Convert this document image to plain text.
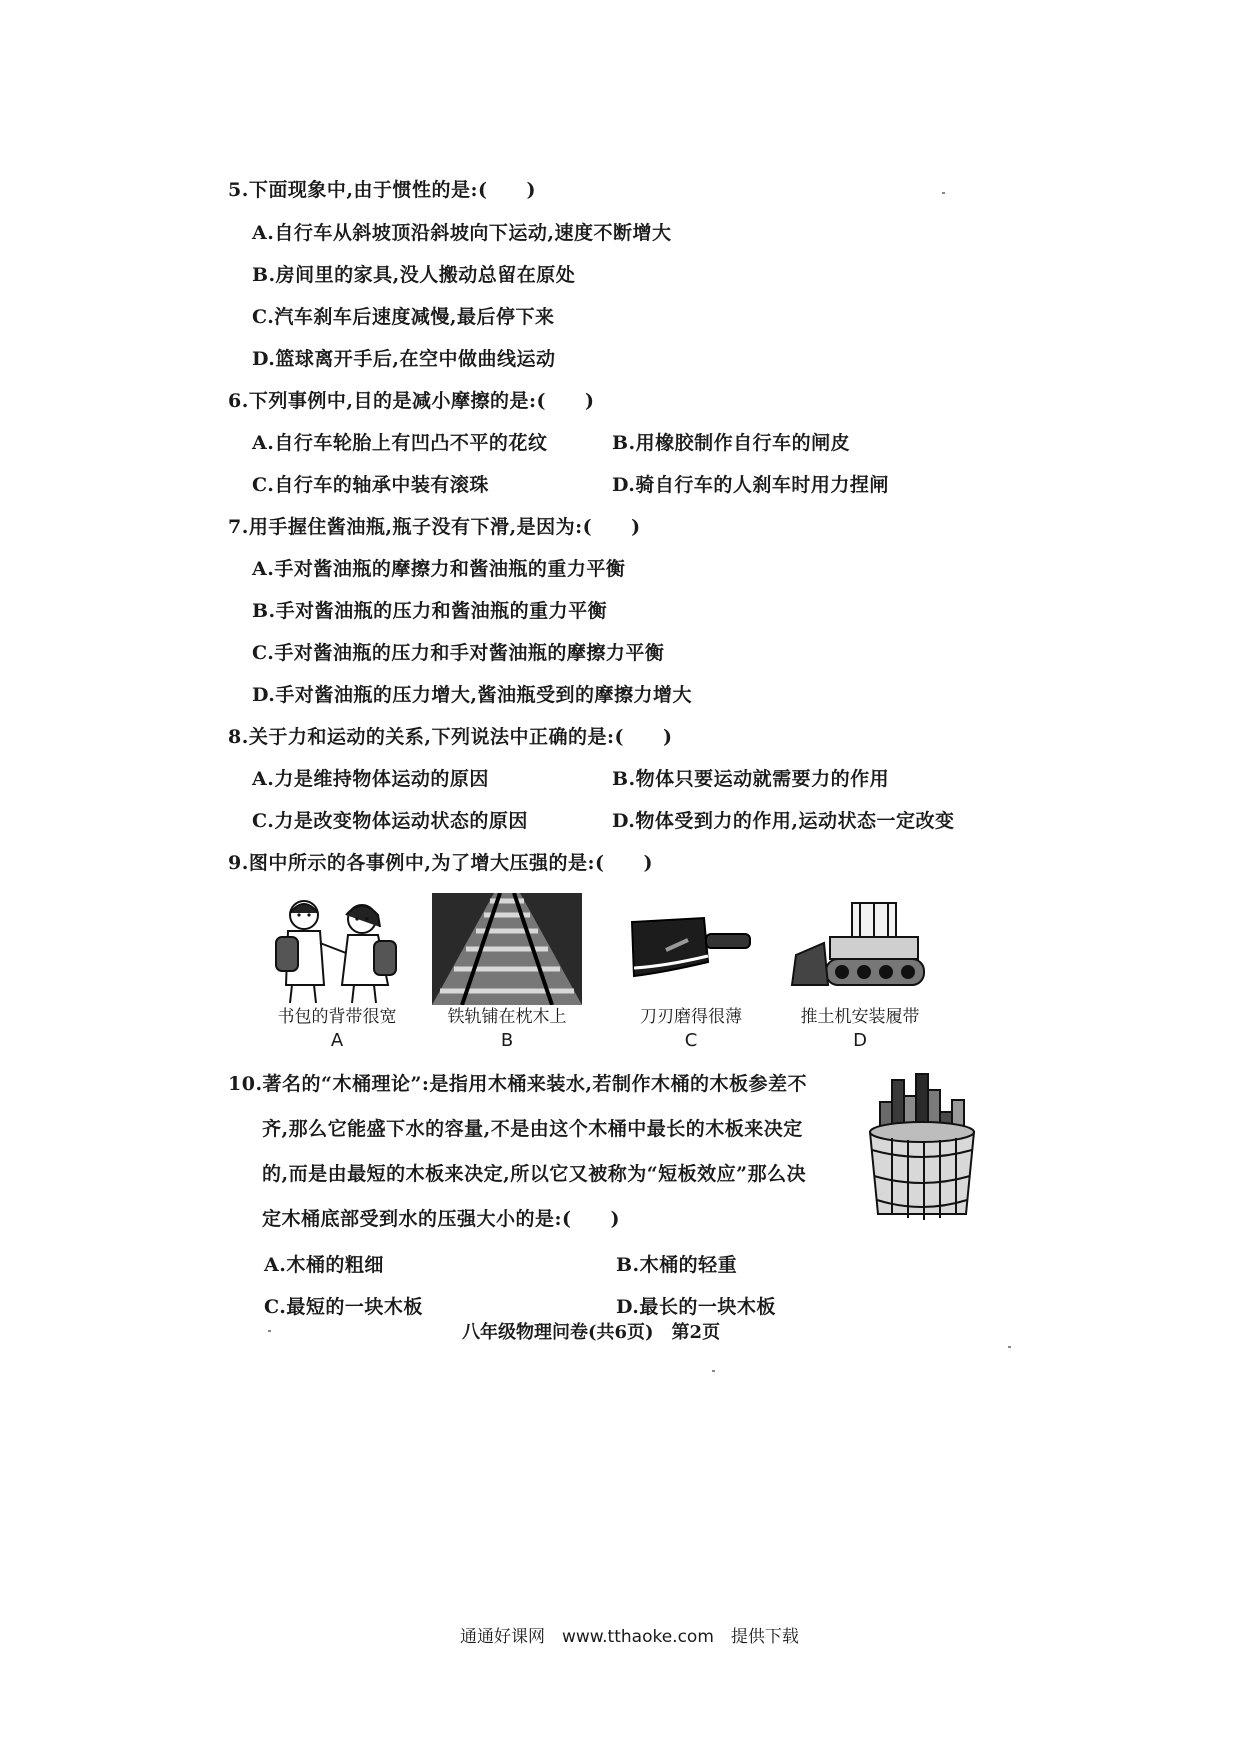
5.下面现象中,由于惯性的是:(　　)
A.自行车从斜坡顶沿斜坡向下运动,速度不断增大
B.房间里的家具,没人搬动总留在原处
C.汽车刹车后速度减慢,最后停下来
D.篮球离开手后,在空中做曲线运动
6.下列事例中,目的是减小摩擦的是:(　　)
A.自行车轮胎上有凹凸不平的花纹	B.用橡胶制作自行车的闸皮
C.自行车的轴承中装有滚珠	D.骑自行车的人刹车时用力捏闸
7.用手握住酱油瓶,瓶子没有下滑,是因为:(　　)
A.手对酱油瓶的摩擦力和酱油瓶的重力平衡
B.手对酱油瓶的压力和酱油瓶的重力平衡
C.手对酱油瓶的压力和手对酱油瓶的摩擦力平衡
D.手对酱油瓶的压力增大,酱油瓶受到的摩擦力增大
8.关于力和运动的关系,下列说法中正确的是:(　　)
A.力是维持物体运动的原因	B.物体只要运动就需要力的作用
C.力是改变物体运动状态的原因	D.物体受到力的作用,运动状态一定改变
9.图中所示的各事例中,为了增大压强的是:(　　)
书包的背带很宽	铁轨铺在枕木上	刀刃磨得很薄	推土机安装履带
A	B	C	D
10.著名的“木桶理论”:是指用木桶来装水,若制作木桶的木板参差不
齐,那么它能盛下水的容量,不是由这个木桶中最长的木板来决定
的,而是由最短的木板来决定,所以它又被称为“短板效应”那么决
定木桶底部受到水的压强大小的是:(　　)
A.木桶的粗细	B.木桶的轻重
C.最短的一块木板	D.最长的一块木板
八年级物理问卷(共6页)　第2页
通通好课网　www.tthaoke.com　提供下载
